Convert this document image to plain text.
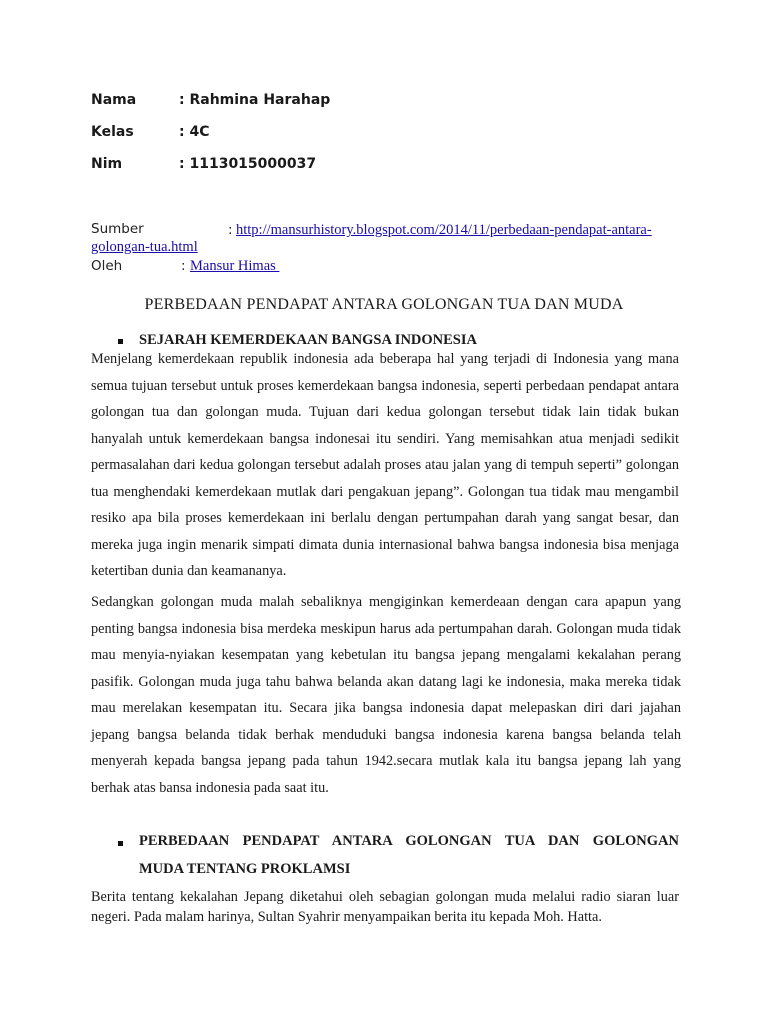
Nama	: Rahmina Harahap
Kelas	: 4C
Nim	: 1113015000037
Sumber	: http://mansurhistory.blogspot.com/2014/11/perbedaan-pendapat-antara-
golongan-tua.html
Oleh	: Mansur Himas
PERBEDAAN PENDAPAT ANTARA GOLONGAN TUA DAN MUDA
SEJARAH KEMERDEKAAN BANGSA INDONESIA

Menjelang kemerdekaan republik indonesia ada beberapa hal yang terjadi di Indonesia yang mana semua tujuan tersebut untuk proses kemerdekaan bangsa indonesia, seperti perbedaan pendapat antara golongan tua dan golongan muda. Tujuan dari kedua golongan tersebut tidak lain tidak bukan hanyalah untuk kemerdekaan bangsa indonesai itu sendiri. Yang memisahkan atua menjadi sedikit permasalahan dari kedua golongan tersebut adalah proses atau jalan yang di tempuh seperti” golongan tua menghendaki kemerdekaan mutlak dari pengakuan jepang”. Golongan tua tidak mau mengambil resiko apa bila proses kemerdekaan ini berlalu dengan pertumpahan darah yang sangat besar, dan mereka juga ingin menarik simpati dimata dunia internasional bahwa bangsa indonesia bisa menjaga ketertiban dunia dan keamananya.

Sedangkan golongan muda malah sebaliknya mengiginkan kemerdeaan dengan cara apapun yang penting bangsa indonesia bisa merdeka meskipun harus ada pertumpahan darah. Golongan muda tidak mau menyia-nyiakan kesempatan yang kebetulan itu bangsa jepang mengalami kekalahan perang pasifik. Golongan muda juga tahu bahwa belanda akan datang lagi ke indonesia, maka mereka tidak mau merelakan kesempatan itu. Secara jika bangsa indonesia dapat melepaskan diri dari jajahan jepang bangsa belanda tidak berhak menduduki bangsa indonesia karena bangsa belanda telah menyerah kepada bangsa jepang pada tahun 1942.secara mutlak kala itu bangsa jepang lah yang berhak atas bansa indonesia pada saat itu.

PERBEDAAN PENDAPAT ANTARA GOLONGAN TUA DAN GOLONGAN
MUDA TENTANG PROKLAMSI

Berita tentang kekalahan Jepang diketahui oleh sebagian golongan muda melalui radio siaran luar negeri. Pada malam harinya, Sultan Syahrir menyampaikan berita itu kepada Moh. Hatta.
